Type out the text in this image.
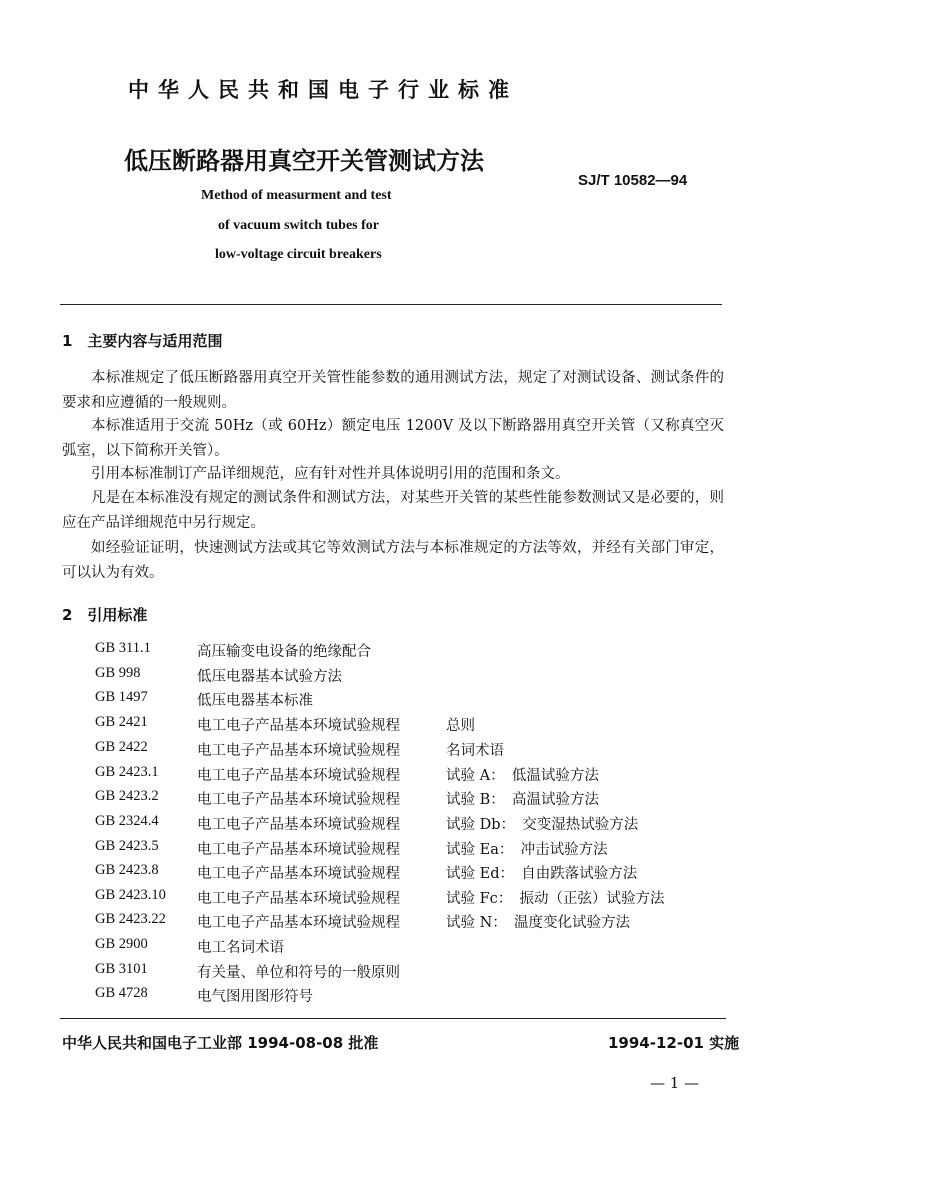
中华人民共和国电子行业标准
低压断路器用真空开关管测试方法
SJ/T 10582—94
Method of measurment and test
of vacuum switch tubes for
low-voltage circuit breakers
1　主要内容与适用范围
本标准规定了低压断路器用真空开关管性能参数的通用测试方法，规定了对测试设备、测试条件的要求和应遵循的一般规则。
本标准适用于交流 50Hz（或 60Hz）额定电压 1200V 及以下断路器用真空开关管（又称真空灭弧室，以下简称开关管）。
引用本标准制订产品详细规范，应有针对性并具体说明引用的范围和条文。
凡是在本标准没有规定的测试条件和测试方法，对某些开关管的某些性能参数测试又是必要的，则应在产品详细规范中另行规定。
如经验证证明，快速测试方法或其它等效测试方法与本标准规定的方法等效，并经有关部门审定，可以认为有效。
2　引用标准
GB 311.1	高压输变电设备的绝缘配合
GB 998	低压电器基本试验方法
GB 1497	低压电器基本标准
GB 2421	电工电子产品基本环境试验规程	总则
GB 2422	电工电子产品基本环境试验规程	名词术语
GB 2423.1	电工电子产品基本环境试验规程	试验 A：　低温试验方法
GB 2423.2	电工电子产品基本环境试验规程	试验 B：　高温试验方法
GB 2324.4	电工电子产品基本环境试验规程	试验 Db：　交变湿热试验方法
GB 2423.5	电工电子产品基本环境试验规程	试验 Ea：　冲击试验方法
GB 2423.8	电工电子产品基本环境试验规程	试验 Ed：　自由跌落试验方法
GB 2423.10 电工电子产品基本环境试验规程	试验 Fc：　振动（正弦）试验方法
GB 2423.22 电工电子产品基本环境试验规程	试验 N：　温度变化试验方法
GB 2900	电工名词术语
GB 3101	有关量、单位和符号的一般原则
GB 4728	电气图用图形符号
中华人民共和国电子工业部 1994-08-08 批准	1994-12-01 实施
— 1 —
